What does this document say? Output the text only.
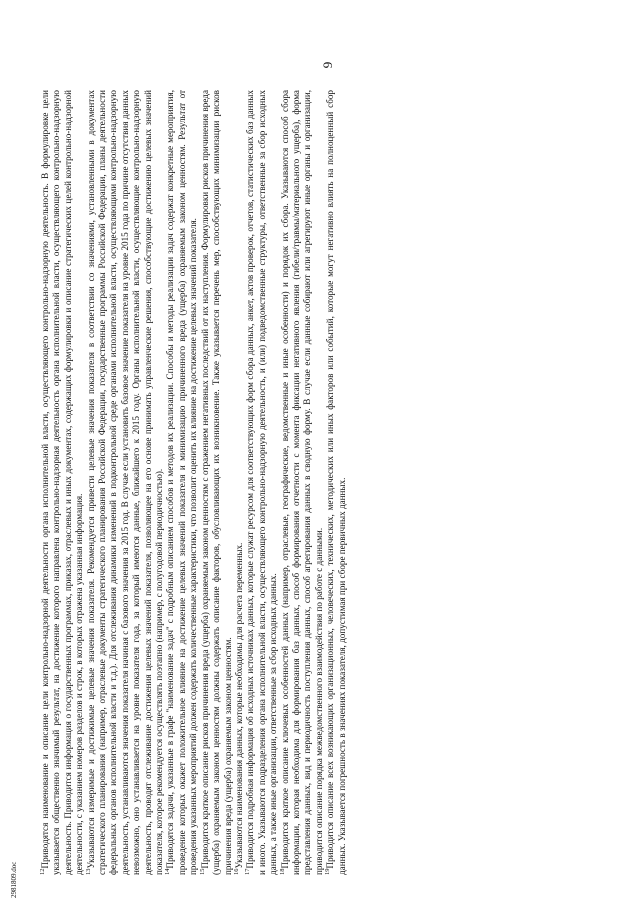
9

$^{12}$Приводятся наименование и описание цели контрольно-надзорной деятельности органа исполнительной власти, осуществляющего контрольно-надзорную деятельность. В формулировке цели указывается общественно значимый результат, на достижение которого направлена контрольно-надзорная деятельность органа исполнительной власти, осуществляющего контрольно-надзорную деятельность. Приводится информация о государственных программах, приказах, отраслевых и иных документах, содержащих формулировки и описание стратегических целей контрольно-надзорной деятельности, с указанием номеров разделов и строк, в которых отражена указанная информация. $^{13}$Указываются измеримые и достижимые целевые значения показателя. Рекомендуется привести целевые значения показателя в соответствии со значениями, установленными в документах стратегического планирования (например, отраслевые документы стратегического планирования Российской Федерации, государственные программы Российской Федерации, планы деятельности федеральных органов исполнительной власти и т.д.). Для отслеживания динамики изменений в подконтрольной среде органами исполнительной власти, осуществляющими контрольно-надзорную деятельность, устанавливаются значения показателя начиная с базового значения за 2015 год. В случае если установить базовое значение показателя на уровне 2015 года по причине отсутствия данных невозможно, оно устанавливается на уровне показателя года, за который имеются данные, ближайшего к 2015 году. Органы исполнительной власти, осуществляющие контрольно-надзорную деятельность, проводят отслеживание достижения целевых значений показателя, позволяющее на его основе принимать управленческие решения, способствующие достижению целевых значений показателя, которое рекомендуется осуществлять поэтапно (например, с полугодовой периодичностью). $^{14}$Приводятся задачи, указанные в графе "наименование задач" с подробным описанием способов и методов их реализации. Способы и методы реализации задач содержат конкретные мероприятия, проведение которых окажет положительное влияние на достижение целевых значений показателя и минимизацию причиненного вреда (ущерба) охраняемым законом ценностям. Результат от проведения указанных мероприятий должен содержать количественные характеристики, что позволит оценить их влияние на достижение целевых значений показателя. $^{15}$Приводится краткое описание рисков причинения вреда (ущерба) охраняемым законом ценностям с отражением негативных последствий от их наступления. Формулировки рисков причинения вреда (ущерба) охраняемым законом ценностям должны содержать описание факторов, обусловливающих их возникновение. Также указывается перечень мер, способствующих минимизации рисков причинения вреда (ущерба) охраняемым законом ценностям. $^{16}$Указываются наименования данных, которые необходимы для расчета переменных.

$^{17}$Приводится подробная информация об исходных источниках данных, которые служат ресурсом для соответствующих форм сбора данных, анкет, актов проверок, отчетов, статистических баз данных и иного. Указываются подразделения органа исполнительной власти, осуществляющего контрольно-надзорную деятельность, и (или) подведомственные структуры, ответственные за сбор исходных данных, а также иные организации, ответственные за сбор исходных данных. $^{18}$Приводится краткое описание ключевых особенностей данных (например, отраслевые, географические, ведомственные и иные особенности) и порядок их сбора. Указываются способ сбора информации, которая необходима для формирования баз данных, способ формирования отчетности с момента фиксации негативного явления (гибели/травмы/материального ущерба), форма представления данных, вид и периодичность поступления данных, способ агрегирования данных в сводную форму. В случае если данные собирают или агрегируют иные органы и организации, приводится описание порядка межведомственного взаимодействия по работе с данными. $^{19}$Приводится описание всех возникающих организационных, человеческих, технических, методических или иных факторов или событий, которые могут негативно влиять на полноценный сбор данных. Указывается погрешность в значениях показателя, допустимая при сборе первичных данных.

2981809.doc
